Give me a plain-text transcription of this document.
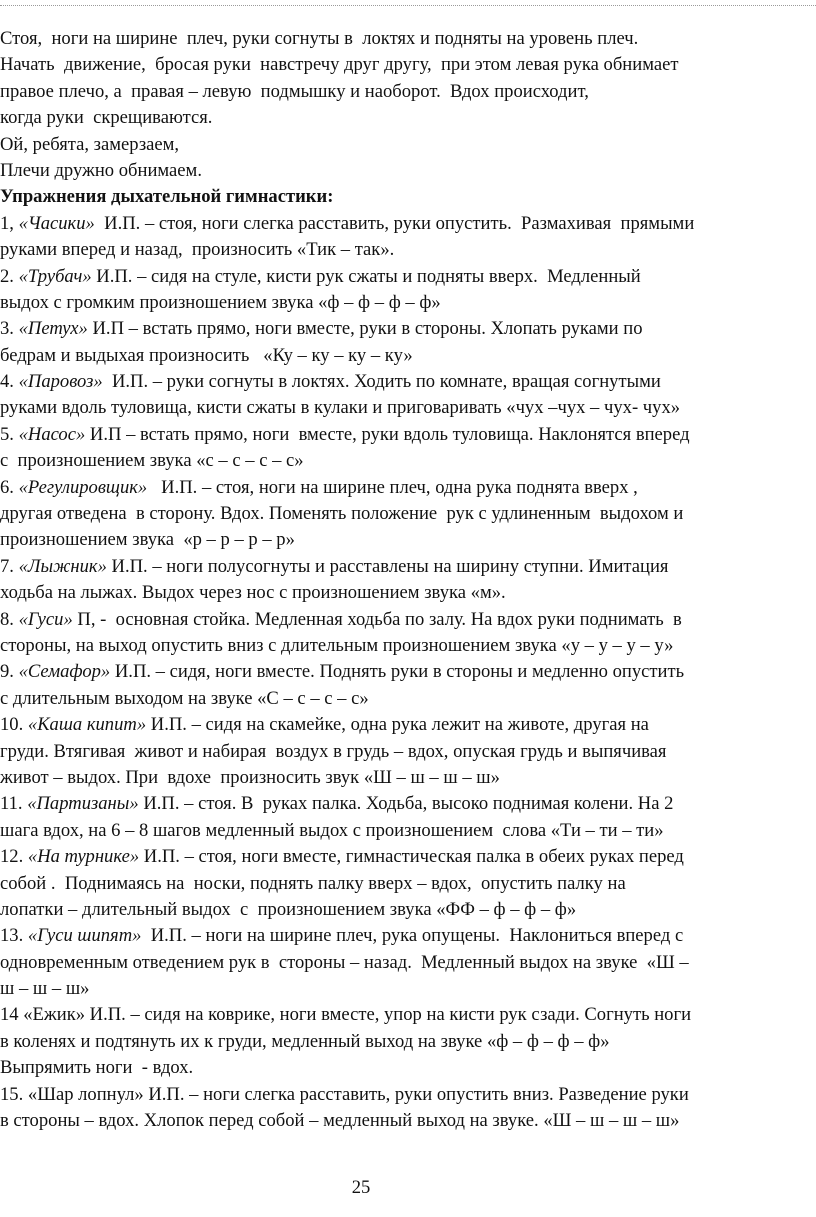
Стоя,  ноги на ширине  плеч, руки согнуты в  локтях и подняты на уровень плеч.
Начать  движение,  бросая руки  навстречу друг другу,  при этом левая рука обнимает
правое плечо, а  правая – левую  подмышку и наоборот.  Вдох происходит,
когда руки  скрещиваются.
Ой, ребята, замерзаем,
Плечи дружно обнимаем.
Упражнения дыхательной гимнастики:
1, «Часики»  И.П. – стоя, ноги слегка расставить, руки опустить.  Размахивая  прямыми
руками вперед и назад,  произносить «Тик – так».
2. «Трубач» И.П. – сидя на стуле, кисти рук сжаты и подняты вверх.  Медленный
выдох с громким произношением звука «ф – ф – ф – ф»
3. «Петух» И.П – встать прямо, ноги вместе, руки в стороны. Хлопать руками по
бедрам и выдыхая произносить   «Ку – ку – ку – ку»
4. «Паровоз»  И.П. – руки согнуты в локтях. Ходить по комнате, вращая согнутыми
руками вдоль туловища, кисти сжаты в кулаки и приговаривать «чух –чух – чух- чух»
5. «Насос» И.П – встать прямо, ноги  вместе, руки вдоль туловища. Наклонятся вперед
с  произношением звука «с – с – с – с»
6. «Регулировщик»   И.П. – стоя, ноги на ширине плеч, одна рука поднята вверх ,
другая отведена  в сторону. Вдох. Поменять положение  рук с удлиненным  выдохом и
произношением звука  «р – р – р – р»
7. «Лыжник» И.П. – ноги полусогнуты и расставлены на ширину ступни. Имитация
ходьба на лыжах. Выдох через нос с произношением звука «м».
8. «Гуси» П, -  основная стойка. Медленная ходьба по залу. На вдох руки поднимать  в
стороны, на выход опустить вниз с длительным произношением звука «у – у – у – у»
9. «Семафор» И.П. – сидя, ноги вместе. Поднять руки в стороны и медленно опустить
с длительным выходом на звуке «С – с – с – с»
10. «Каша кипит» И.П. – сидя на скамейке, одна рука лежит на животе, другая на
груди. Втягивая  живот и набирая  воздух в грудь – вдох, опуская грудь и выпячивая
живот – выдох. При  вдохе  произносить звук «Ш – ш – ш – ш»
11. «Партизаны» И.П. – стоя. В  руках палка. Ходьба, высоко поднимая колени. На 2
шага вдох, на 6 – 8 шагов медленный выдох с произношением  слова «Ти – ти – ти»
12. «На турнике» И.П. – стоя, ноги вместе, гимнастическая палка в обеих руках перед
собой .  Поднимаясь на  носки, поднять палку вверх – вдох,  опустить палку на
лопатки – длительный выдох  с  произношением звука «ФФ – ф – ф – ф»
13. «Гуси шипят»  И.П. – ноги на ширине плеч, рука опущены.  Наклониться вперед с
одновременным отведением рук в  стороны – назад.  Медленный выдох на звуке  «Ш –
ш – ш – ш»
14 «Ежик» И.П. – сидя на коврике, ноги вместе, упор на кисти рук сзади. Согнуть ноги
в коленях и подтянуть их к груди, медленный выход на звуке «ф – ф – ф – ф»
Выпрямить ноги  - вдох.
15. «Шар лопнул» И.П. – ноги слегка расставить, руки опустить вниз. Разведение руки
в стороны – вдох. Хлопок перед собой – медленный выход на звуке. «Ш – ш – ш – ш»
25
